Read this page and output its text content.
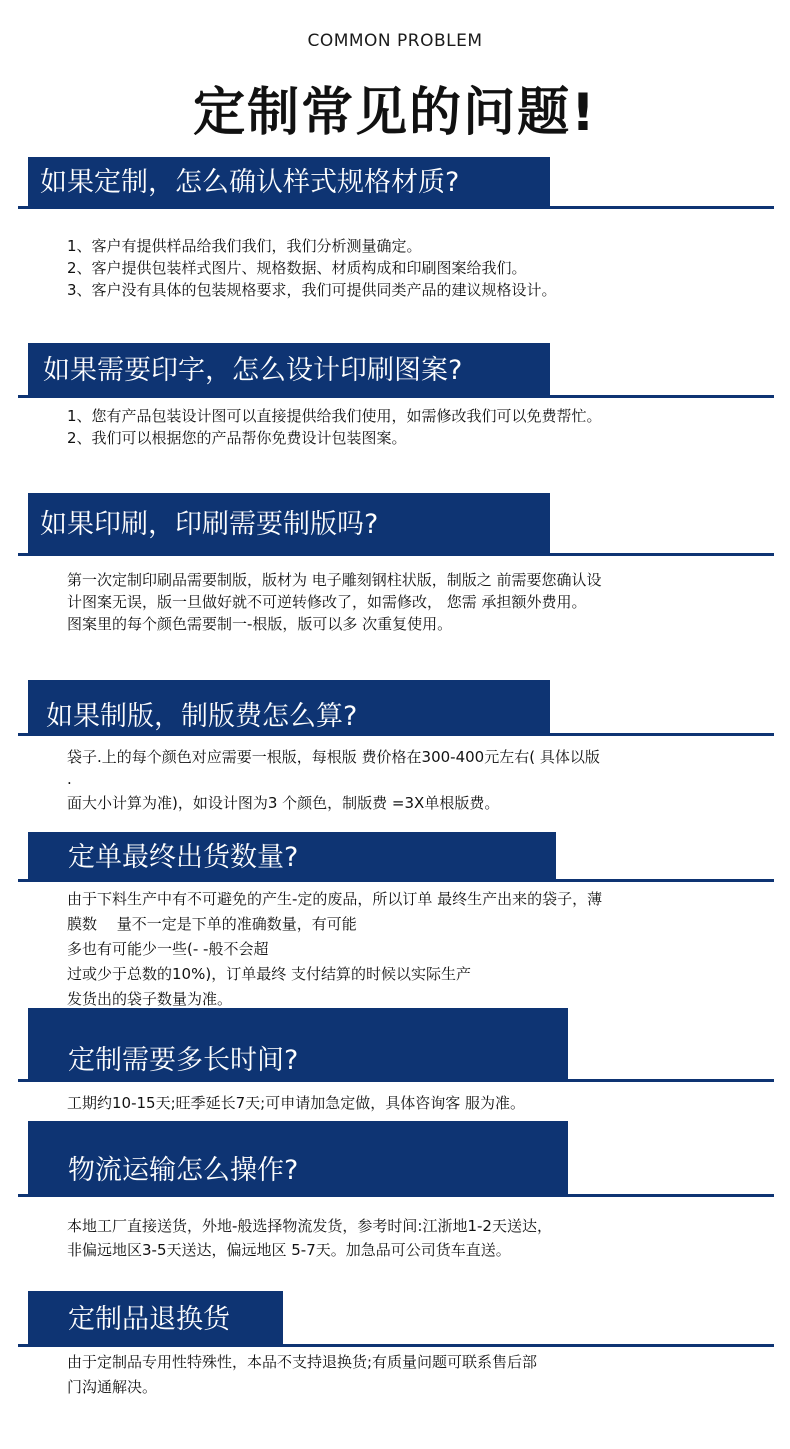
COMMON PROBLEM
定制常见的问题!
如果定制，怎么确认样式规格材质?
1、客户有提供样品给我们我们，我们分析测量确定。
2、客户提供包装样式图片、规格数据、材质构成和印刷图案给我们。
3、客户没有具体的包装规格要求，我们可提供同类产品的建议规格设计。
如果需要印字，怎么设计印刷图案?
1、您有产品包装设计图可以直接提供给我们使用，如需修改我们可以免费帮忙。
2、我们可以根据您的产品帮你免费设计包装图案。
如果印刷，印刷需要制版吗?
第一次定制印刷品需要制版，版材为 电子雕刻钢柱状版，制版之 前需要您确认设
计图案无误，版一旦做好就不可逆转修改了，如需修改， 您需 承担额外费用。
图案里的每个颜色需要制一-根版，版可以多 次重复使用。
如果制版，制版费怎么算?
袋子.上的每个颜色对应需要一根版，每根版 费价格在300-400元左右( 具体以版
.
面大小计算为准)，如设计图为3 个颜色，制版费 =3X单根版费。
定单最终出货数量?
由于下料生产中有不可避免的产生-定的废品，所以订单 最终生产出来的袋子，薄
膜数　 量不一定是下单的准确数量，有可能
多也有可能少一些(- -般不会超
过或少于总数的10%)，订单最终 支付结算的时候以实际生产
发货出的袋子数量为准。
定制需要多长时间?
工期约10-15天;旺季延长7天;可申请加急定做，具体咨询客 服为准。
物流运输怎么操作?
本地工厂直接送货，外地-般选择物流发货，参考时间:江浙地1-2天送达，
非偏远地区3-5天送达，偏远地区 5-7天。加急品可公司货车直送。
定制品退换货
由于定制品专用性特殊性，本品不支持退换货;有质量问题可联系售后部
门沟通解决。
